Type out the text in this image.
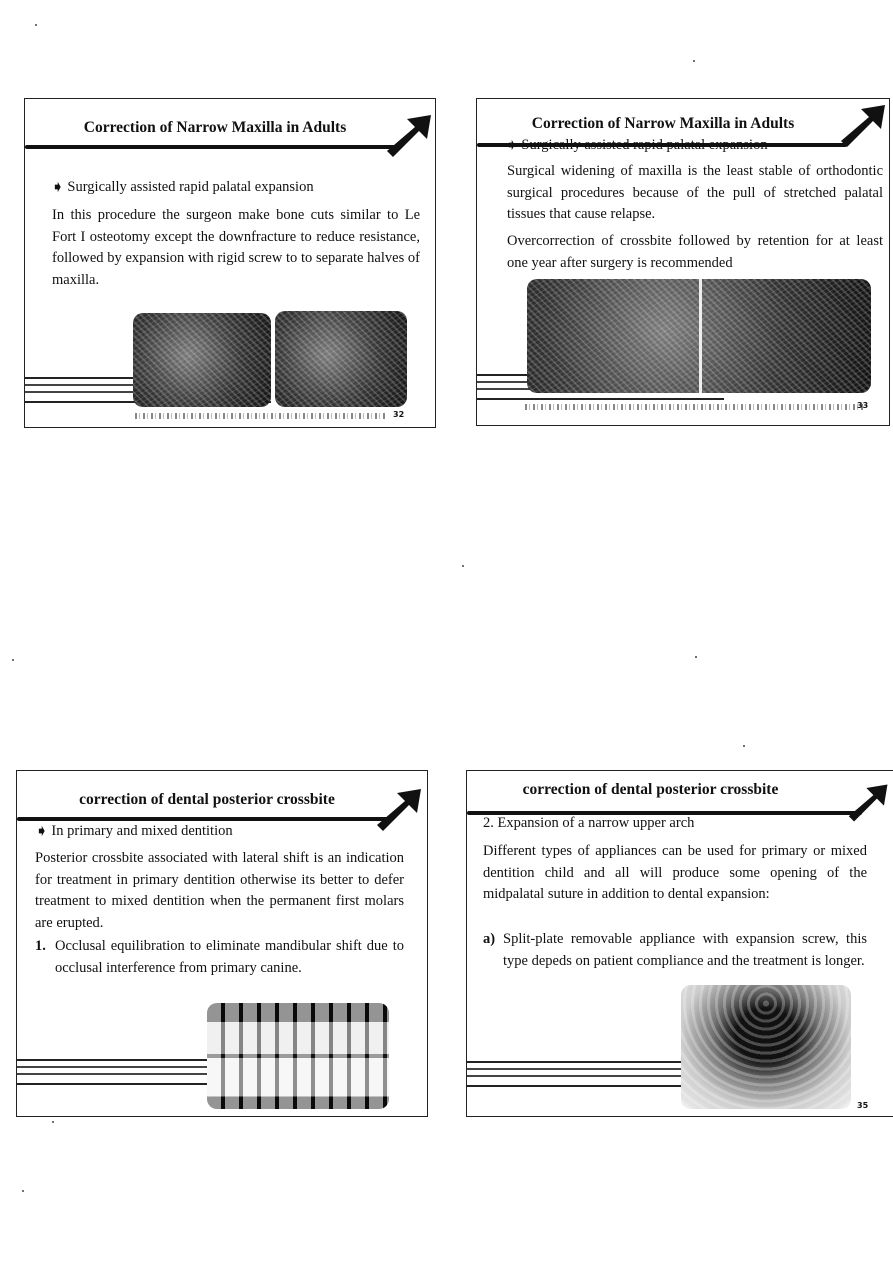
Correction of Narrow Maxilla in Adults
➧ Surgically assisted rapid palatal expansion

In this procedure the surgeon make bone cuts similar to Le Fort I osteotomy except the downfracture to reduce resistance, followed by expansion with rigid screw to to separate halves of maxilla.

32
Correction of Narrow Maxilla in Adults
➧ Surgically assisted rapid palatal expansion

Surgical widening of maxilla is the least stable of orthodontic surgical procedures because of the pull of stretched palatal tissues that cause relapse.

Overcorrection of crossbite followed by retention for at least one year after surgery is recommended

33
correction of dental posterior crossbite
➧ In primary and mixed dentition

Posterior crossbite associated with lateral shift is an indication for treatment in primary dentition otherwise its better to defer treatment to mixed dentition when the permanent first molars are erupted.

1. Occlusal equilibration to eliminate mandibular shift due to occlusal interference from primary canine.
correction of dental posterior crossbite
2. Expansion of a narrow upper arch

Different types of appliances can be used for primary or mixed dentition child and all will produce some opening of the midpalatal suture in addition to dental expansion:

a) Split-plate removable appliance with expansion screw, this type depeds on patient compliance and the treatment is longer.
35
